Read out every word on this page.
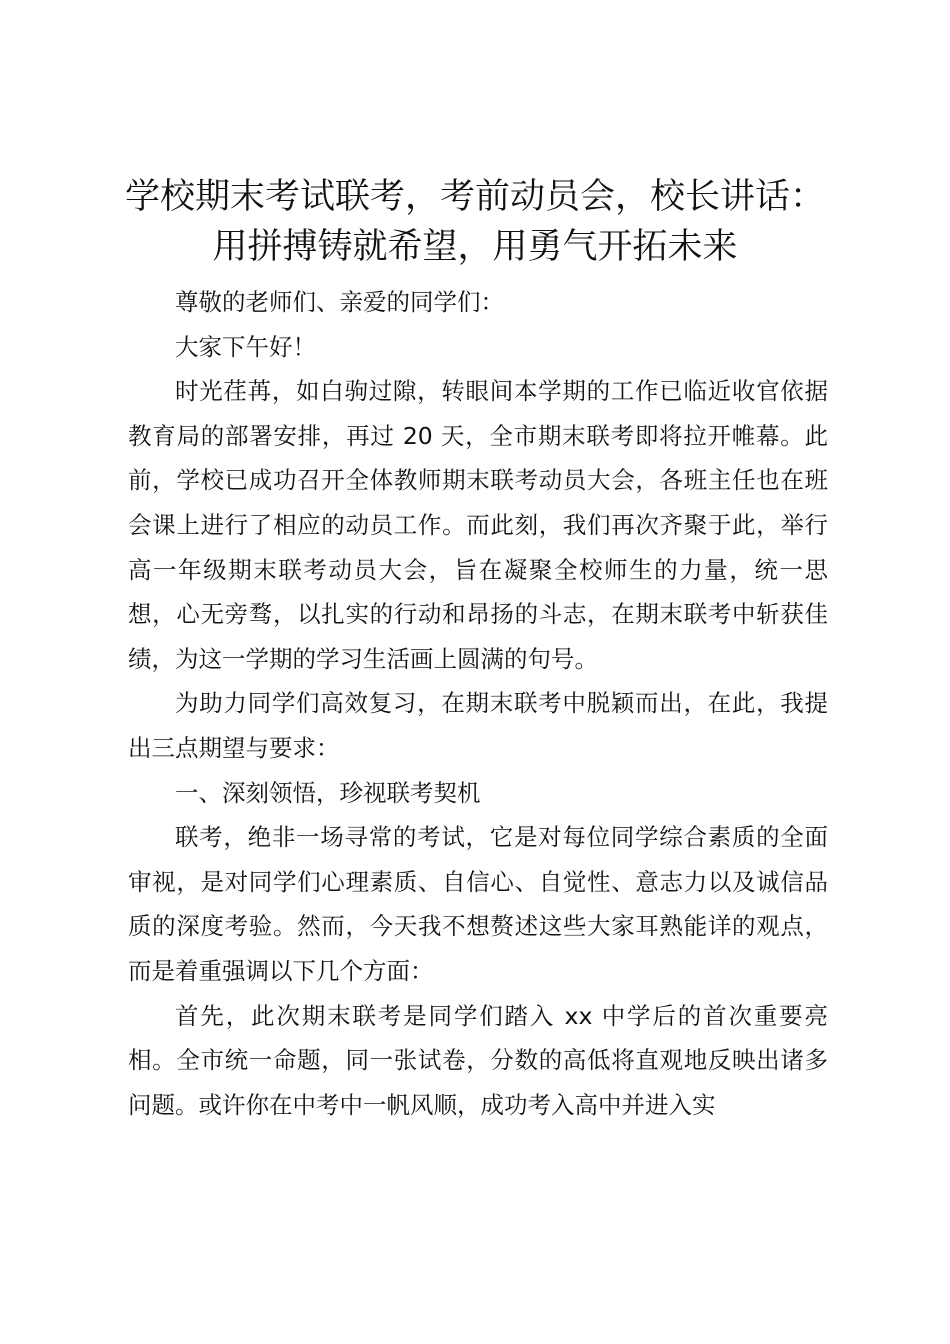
学校期末考试联考，考前动员会，校长讲话：
用拼搏铸就希望，用勇气开拓未来

尊敬的老师们、亲爱的同学们：

大家下午好！

时光荏苒，如白驹过隙，转眼间本学期的工作已临近收官依据教育局的部署安排，再过 20 天，全市期末联考即将拉开帷幕。此前，学校已成功召开全体教师期末联考动员大会，各班主任也在班会课上进行了相应的动员工作。而此刻，我们再次齐聚于此，举行高一年级期末联考动员大会，旨在凝聚全校师生的力量，统一思想，心无旁骛，以扎实的行动和昂扬的斗志，在期末联考中斩获佳绩，为这一学期的学习生活画上圆满的句号。

为助力同学们高效复习，在期末联考中脱颖而出，在此，我提出三点期望与要求：

一、深刻领悟，珍视联考契机

联考，绝非一场寻常的考试，它是对每位同学综合素质的全面审视，是对同学们心理素质、自信心、自觉性、意志力以及诚信品质的深度考验。然而，今天我不想赘述这些大家耳熟能详的观点，而是着重强调以下几个方面：

首先，此次期末联考是同学们踏入 xx 中学后的首次重要亮相。全市统一命题，同一张试卷，分数的高低将直观地反映出诸多问题。或许你在中考中一帆风顺，成功考入高中并进入实
